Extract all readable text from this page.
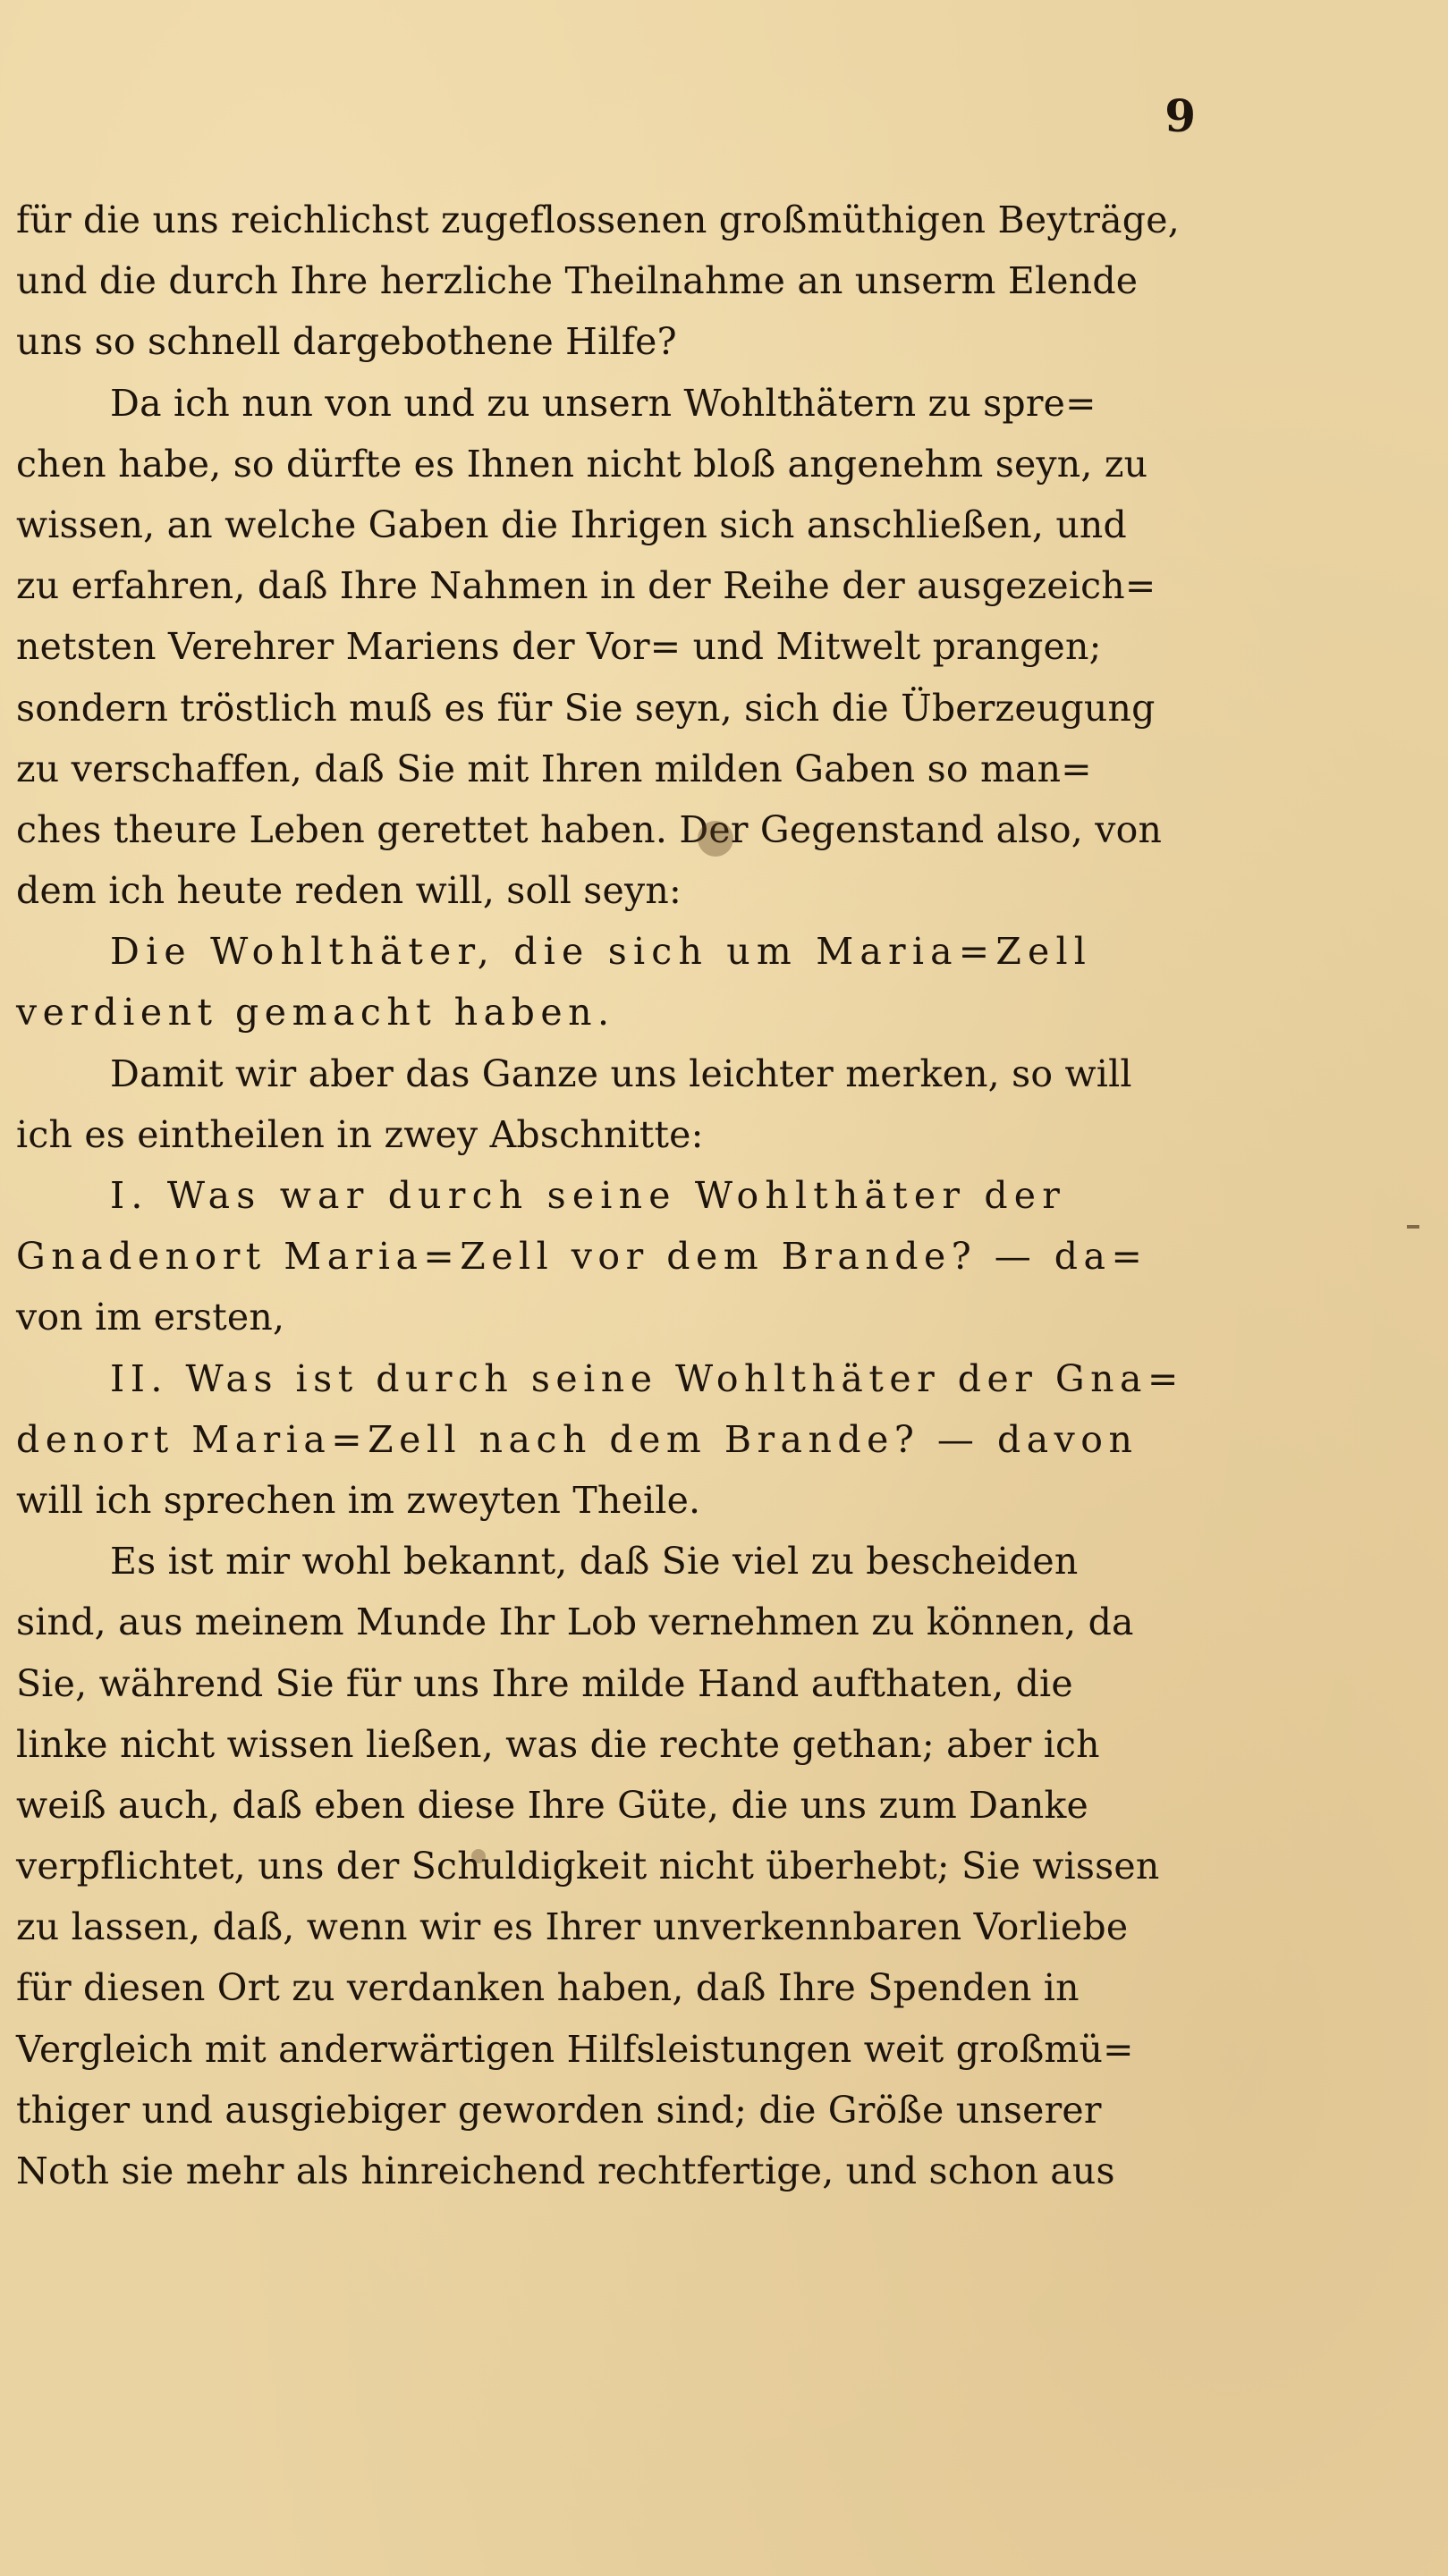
9
für die uns reichlichst zugeflossenen großmüthigen Beyträge,
und die durch Ihre herzliche Theilnahme an unserm Elende
uns so schnell dargebothene Hilfe?
Da ich nun von und zu unsern Wohlthätern zu spre=
chen habe, so dürfte es Ihnen nicht bloß angenehm seyn, zu
wissen, an welche Gaben die Ihrigen sich anschließen, und
zu erfahren, daß Ihre Nahmen in der Reihe der ausgezeich=
netsten Verehrer Mariens der Vor= und Mitwelt prangen;
sondern tröstlich muß es für Sie seyn, sich die Überzeugung
zu verschaffen, daß Sie mit Ihren milden Gaben so man=
ches theure Leben gerettet haben. Der Gegenstand also, von
dem ich heute reden will, soll seyn:
Die Wohlthäter, die sich um Maria=Zell
verdient gemacht haben.
Damit wir aber das Ganze uns leichter merken, so will
ich es eintheilen in zwey Abschnitte:
I. Was war durch seine Wohlthäter der
Gnadenort Maria=Zell vor dem Brande? — da=
von im ersten,
II. Was ist durch seine Wohlthäter der Gna=
denort Maria=Zell nach dem Brande? — davon
will ich sprechen im zweyten Theile.
Es ist mir wohl bekannt, daß Sie viel zu bescheiden
sind, aus meinem Munde Ihr Lob vernehmen zu können, da
Sie, während Sie für uns Ihre milde Hand aufthaten, die
linke nicht wissen ließen, was die rechte gethan; aber ich
weiß auch, daß eben diese Ihre Güte, die uns zum Danke
verpflichtet, uns der Schuldigkeit nicht überhebt; Sie wissen
zu lassen, daß, wenn wir es Ihrer unverkennbaren Vorliebe
für diesen Ort zu verdanken haben, daß Ihre Spenden in
Vergleich mit anderwärtigen Hilfsleistungen weit großmü=
thiger und ausgiebiger geworden sind; die Größe unserer
Noth sie mehr als hinreichend rechtfertige, und schon aus
